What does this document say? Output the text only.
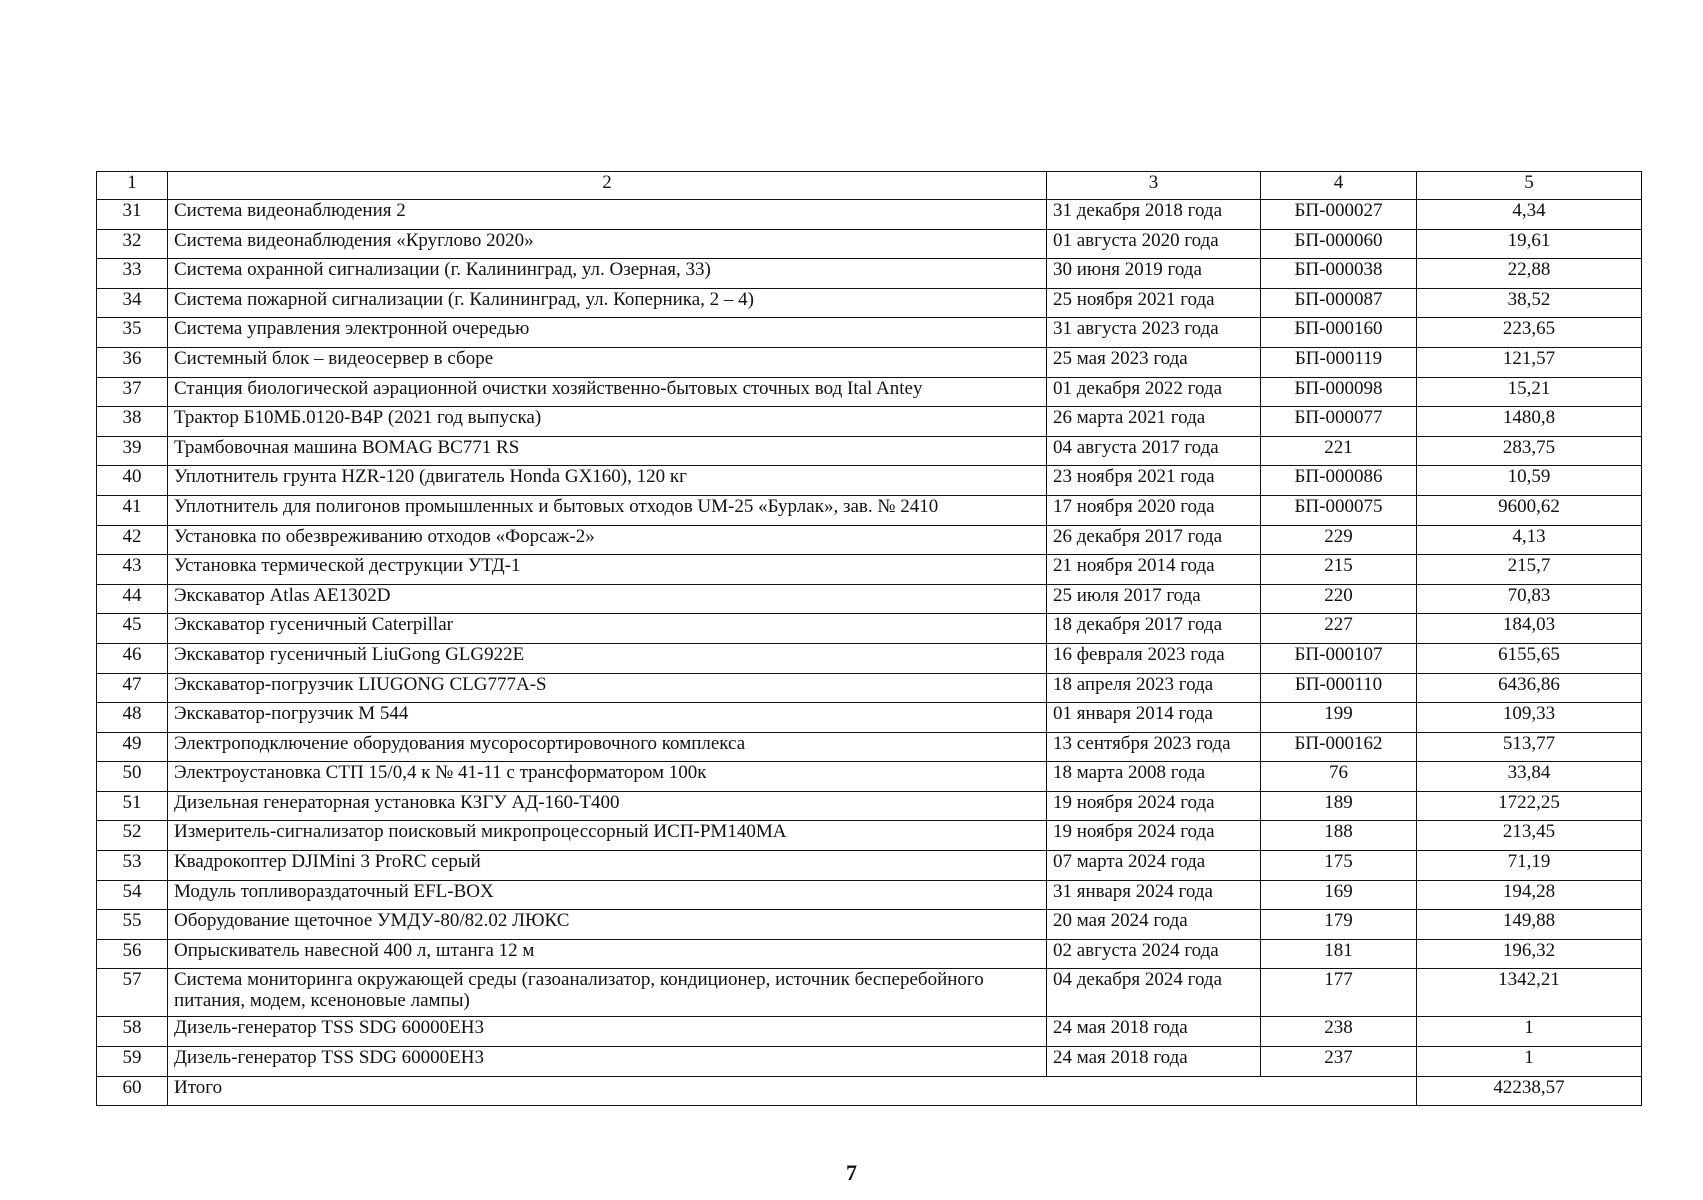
1	2	3	4	5
31	Система видеонаблюдения 2	31 декабря 2018 года	БП-000027	4,34
32	Система видеонаблюдения «Круглово 2020»	01 августа 2020 года	БП-000060	19,61
33	Система охранной сигнализации (г. Калининград, ул. Озерная, 33)	30 июня 2019 года	БП-000038	22,88
34	Система пожарной сигнализации (г. Калининград, ул. Коперника, 2 – 4)	25 ноября 2021 года	БП-000087	38,52
35	Система управления электронной очередью	31 августа 2023 года	БП-000160	223,65
36	Системный блок – видеосервер в сборе	25 мая 2023 года	БП-000119	121,57
37	Станция биологической аэрационной очистки хозяйственно-бытовых сточных вод Ital Antey	01 декабря 2022 года	БП-000098	15,21
38	Трактор Б10МБ.0120-В4Р (2021 год выпуска)	26 марта 2021 года	БП-000077	1480,8
39	Трамбовочная машина BOMAG BC771 RS	04 августа 2017 года	221	283,75
40	Уплотнитель грунта HZR-120 (двигатель Honda GX160), 120 кг	23 ноября 2021 года	БП-000086	10,59
41	Уплотнитель для полигонов промышленных и бытовых отходов UM-25 «Бурлак», зав. № 2410	17 ноября 2020 года	БП-000075	9600,62
42	Установка по обезвреживанию отходов «Форсаж-2»	26 декабря 2017 года	229	4,13
43	Установка термической деструкции УТД-1	21 ноября 2014 года	215	215,7
44	Экскаватор Atlas AE1302D	25 июля 2017 года	220	70,83
45	Экскаватор гусеничный Caterpillar	18 декабря 2017 года	227	184,03
46	Экскаватор гусеничный LiuGong GLG922E	16 февраля 2023 года	БП-000107	6155,65
47	Экскаватор-погрузчик LIUGONG CLG777A-S	18 апреля 2023 года	БП-000110	6436,86
48	Экскаватор-погрузчик М 544	01 января 2014 года	199	109,33
49	Электроподключение оборудования мусоросортировочного комплекса	13 сентября 2023 года	БП-000162	513,77
50	Электроустановка СТП 15/0,4 к № 41-11 с трансформатором 100к	18 марта 2008 года	76	33,84
51	Дизельная генераторная установка КЗГУ АД-160-Т400	19 ноября 2024 года	189	1722,25
52	Измеритель-сигнализатор поисковый микропроцессорный ИСП-РМ140МА	19 ноября 2024 года	188	213,45
53	Квадрокоптер DJIMini 3 ProRC серый	07 марта 2024 года	175	71,19
54	Модуль топливораздаточный EFL-BOX	31 января 2024 года	169	194,28
55	Оборудование щеточное УМДУ-80/82.02 ЛЮКС	20 мая 2024 года	179	149,88
56	Опрыскиватель навесной 400 л, штанга 12 м	02 августа 2024 года	181	196,32
57	Система мониторинга окружающей среды (газоанализатор, кондиционер, источник бесперебойного питания, модем, ксеноновые лампы)	04 декабря 2024 года	177	1342,21
58	Дизель-генератор TSS SDG 60000EH3	24 мая 2018 года	238	1
59	Дизель-генератор TSS SDG 60000EH3	24 мая 2018 года	237	1
60	Итого			42238,57
7
